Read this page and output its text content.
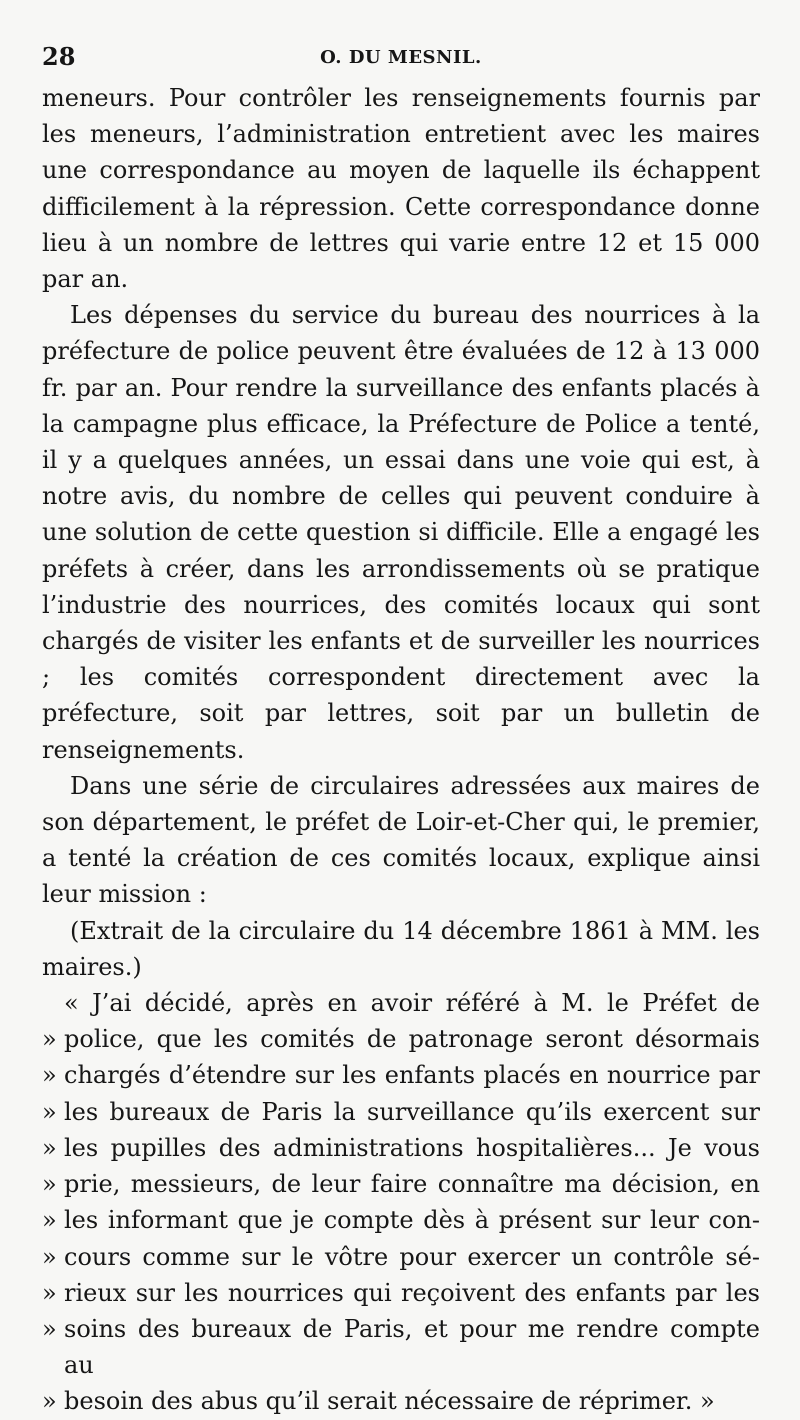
28	O. DU MESNIL.

meneurs. Pour contrôler les renseignements fournis par les meneurs, l’administration entretient avec les maires une correspondance au moyen de laquelle ils échappent difficilement à la répression. Cette correspondance donne lieu à un nombre de lettres qui varie entre 12 et 15 000 par an.

Les dépenses du service du bureau des nourrices à la préfecture de police peuvent être évaluées de 12 à 13 000 fr. par an. Pour rendre la surveillance des enfants placés à la campagne plus efficace, la Préfecture de Police a tenté, il y a quelques années, un essai dans une voie qui est, à notre avis, du nombre de celles qui peuvent conduire à une solution de cette question si difficile. Elle a engagé les préfets à créer, dans les arrondissements où se pratique l’industrie des nourrices, des comités locaux qui sont chargés de visiter les enfants et de surveiller les nourrices ; les comités correspondent directement avec la préfecture, soit par lettres, soit par un bulletin de renseignements.

Dans une série de circulaires adressées aux maires de son département, le préfet de Loir-et-Cher qui, le premier, a tenté la création de ces comités locaux, explique ainsi leur mission :

(Extrait de la circulaire du 14 décembre 1861 à MM. les maires.)

« J’ai décidé, après en avoir référé à M. le Préfet de
» police, que les comités de patronage seront désormais
» chargés d’étendre sur les enfants placés en nourrice par
» les bureaux de Paris la surveillance qu’ils exercent sur
» les pupilles des administrations hospitalières... Je vous
» prie, messieurs, de leur faire connaître ma décision, en
» les informant que je compte dès à présent sur leur con-
» cours comme sur le vôtre pour exercer un contrôle sé-
» rieux sur les nourrices qui reçoivent des enfants par les
» soins des bureaux de Paris, et pour me rendre compte au
» besoin des abus qu’il serait nécessaire de réprimer. »
